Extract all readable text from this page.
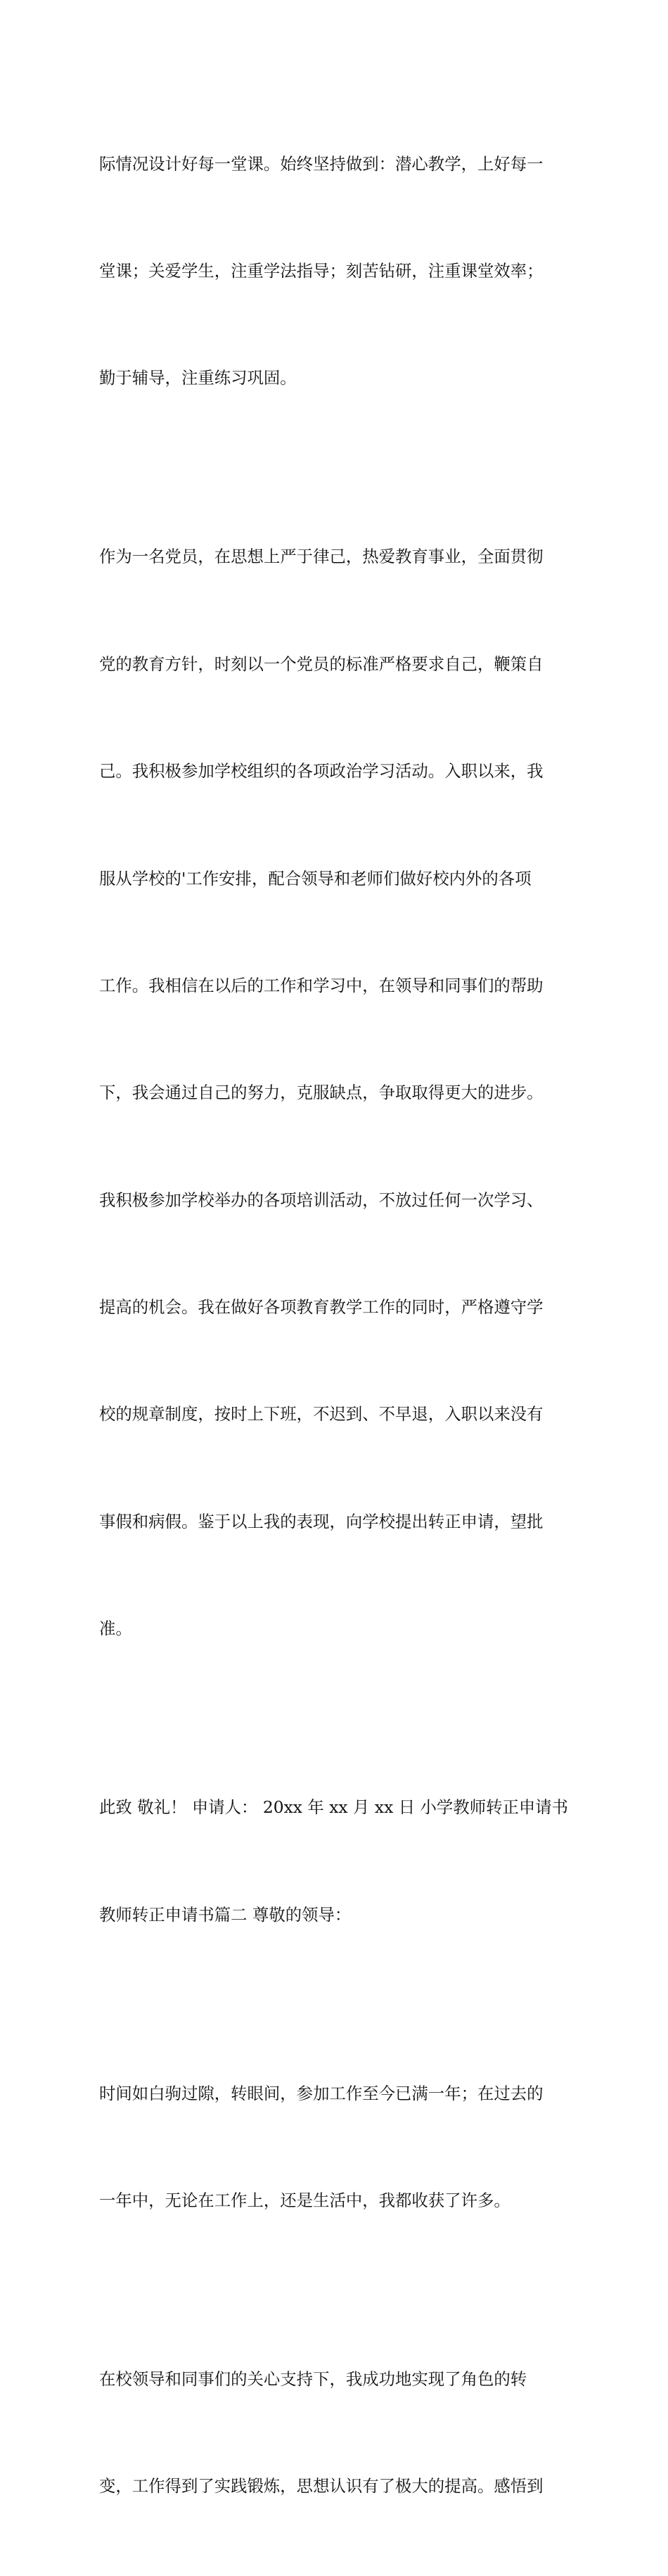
际情况设计好每一堂课。始终坚持做到：潜心教学，上好每一

堂课；关爱学生，注重学法指导；刻苦钻研，注重课堂效率；

勤于辅导，注重练习巩固。

作为一名党员，在思想上严于律己，热爱教育事业，全面贯彻

党的教育方针，时刻以一个党员的标准严格要求自己，鞭策自

己。我积极参加学校组织的各项政治学习活动。入职以来，我

服从学校的'工作安排，配合领导和老师们做好校内外的各项

工作。我相信在以后的工作和学习中，在领导和同事们的帮助

下，我会通过自己的努力，克服缺点，争取取得更大的进步。

我积极参加学校举办的各项培训活动，不放过任何一次学习、

提高的机会。我在做好各项教育教学工作的同时，严格遵守学

校的规章制度，按时上下班，不迟到、不早退，入职以来没有

事假和病假。鉴于以上我的表现，向学校提出转正申请，望批

准。

此致 敬礼！ 申请人： 20xx 年 xx 月 xx 日 小学教师转正申请书

教师转正申请书篇二 尊敬的领导：

时间如白驹过隙，转眼间，参加工作至今已满一年；在过去的

一年中，无论在工作上，还是生活中，我都收获了许多。

在校领导和同事们的关心支持下，我成功地实现了角色的转

变，工作得到了实践锻炼，思想认识有了极大的提高。感悟到
